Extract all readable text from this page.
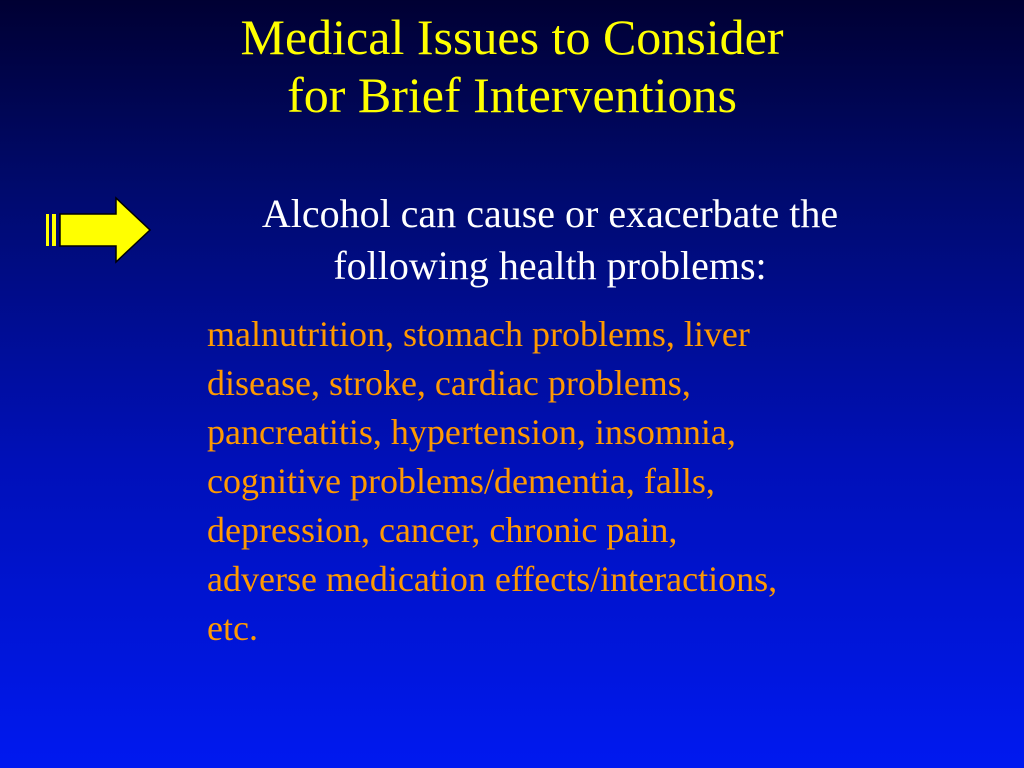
Medical Issues to Consider
for Brief Interventions
Alcohol can cause or exacerbate the
following health problems:
malnutrition, stomach problems, liver
disease, stroke, cardiac problems,
pancreatitis, hypertension, insomnia,
cognitive problems/dementia, falls,
depression, cancer, chronic pain,
adverse medication effects/interactions,
etc.
